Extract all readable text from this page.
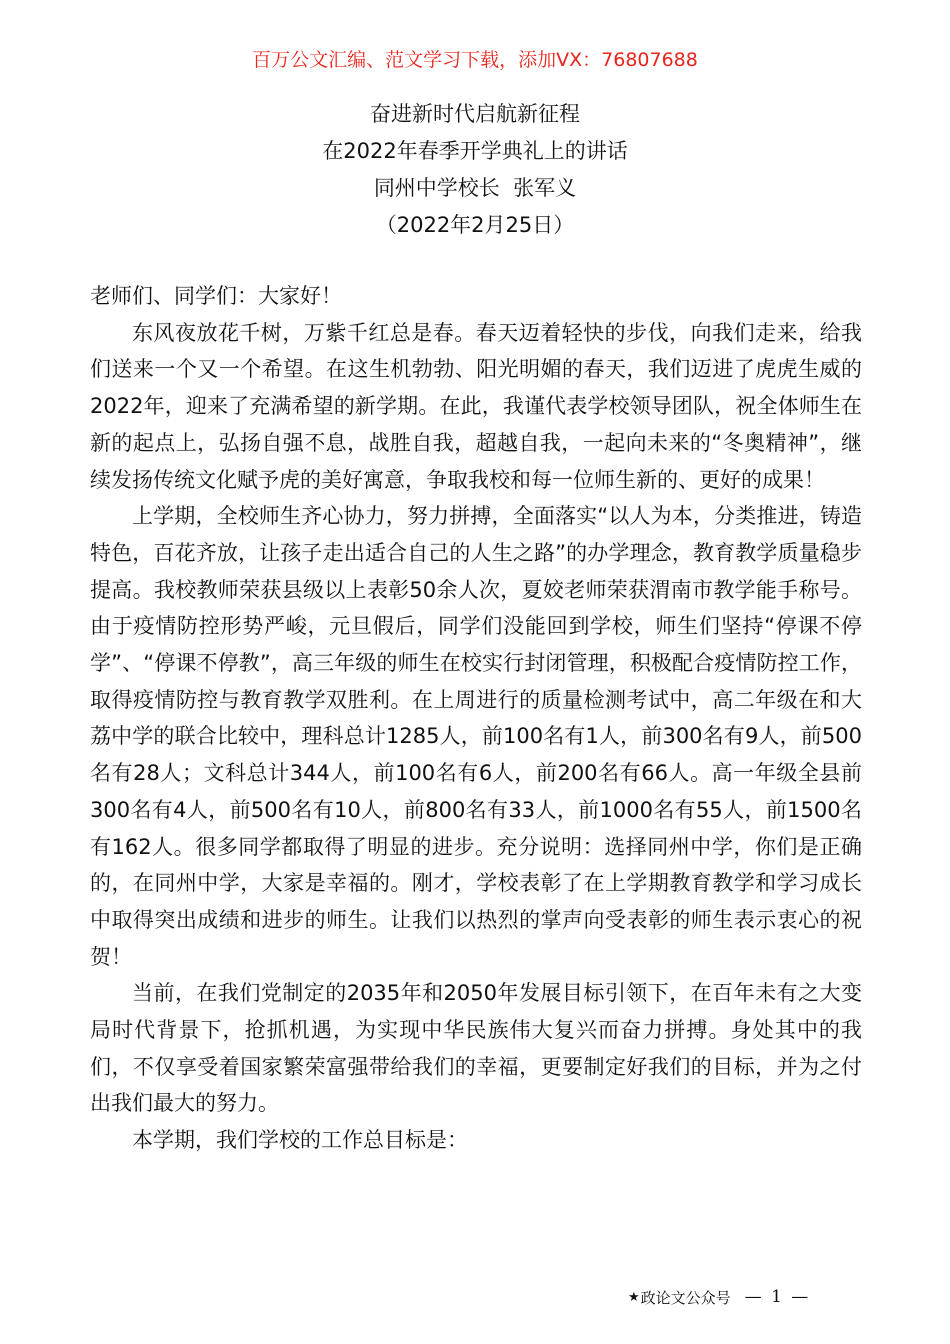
百万公文汇编、范文学习下载，添加VX：76807688
奋进新时代启航新征程
在2022年春季开学典礼上的讲话
同州中学校长  张军义
（2022年2月25日）

老师们、同学们：大家好！

东风夜放花千树，万紫千红总是春。春天迈着轻快的步伐，向我们走来，给我们送来一个又一个希望。在这生机勃勃、阳光明媚的春天，我们迈进了虎虎生威的2022年，迎来了充满希望的新学期。在此，我谨代表学校领导团队，祝全体师生在新的起点上，弘扬自强不息，战胜自我，超越自我，一起向未来的“冬奥精神”，继续发扬传统文化赋予虎的美好寓意，争取我校和每一位师生新的、更好的成果！

上学期，全校师生齐心协力，努力拼搏，全面落实“以人为本，分类推进，铸造特色，百花齐放，让孩子走出适合自己的人生之路”的办学理念，教育教学质量稳步提高。我校教师荣获县级以上表彰50余人次，夏姣老师荣获渭南市教学能手称号。由于疫情防控形势严峻，元旦假后，同学们没能回到学校，师生们坚持“停课不停学”、“停课不停教”，高三年级的师生在校实行封闭管理，积极配合疫情防控工作，取得疫情防控与教育教学双胜利。在上周进行的质量检测考试中，高二年级在和大荔中学的联合比较中，理科总计1285人，前100名有1人，前300名有9人，前500名有28人；文科总计344人，前100名有6人，前200名有66人。高一年级全县前300名有4人，前500名有10人，前800名有33人，前1000名有55人，前1500名有162人。很多同学都取得了明显的进步。充分说明：选择同州中学，你们是正确的，在同州中学，大家是幸福的。刚才，学校表彰了在上学期教育教学和学习成长中取得突出成绩和进步的师生。让我们以热烈的掌声向受表彰的师生表示衷心的祝贺！

当前，在我们党制定的2035年和2050年发展目标引领下，在百年未有之大变局时代背景下，抢抓机遇，为实现中华民族伟大复兴而奋力拼搏。身处其中的我们，不仅享受着国家繁荣富强带给我们的幸福，更要制定好我们的目标，并为之付出我们最大的努力。

本学期，我们学校的工作总目标是：

★ 政论文公众号 — 1 —
